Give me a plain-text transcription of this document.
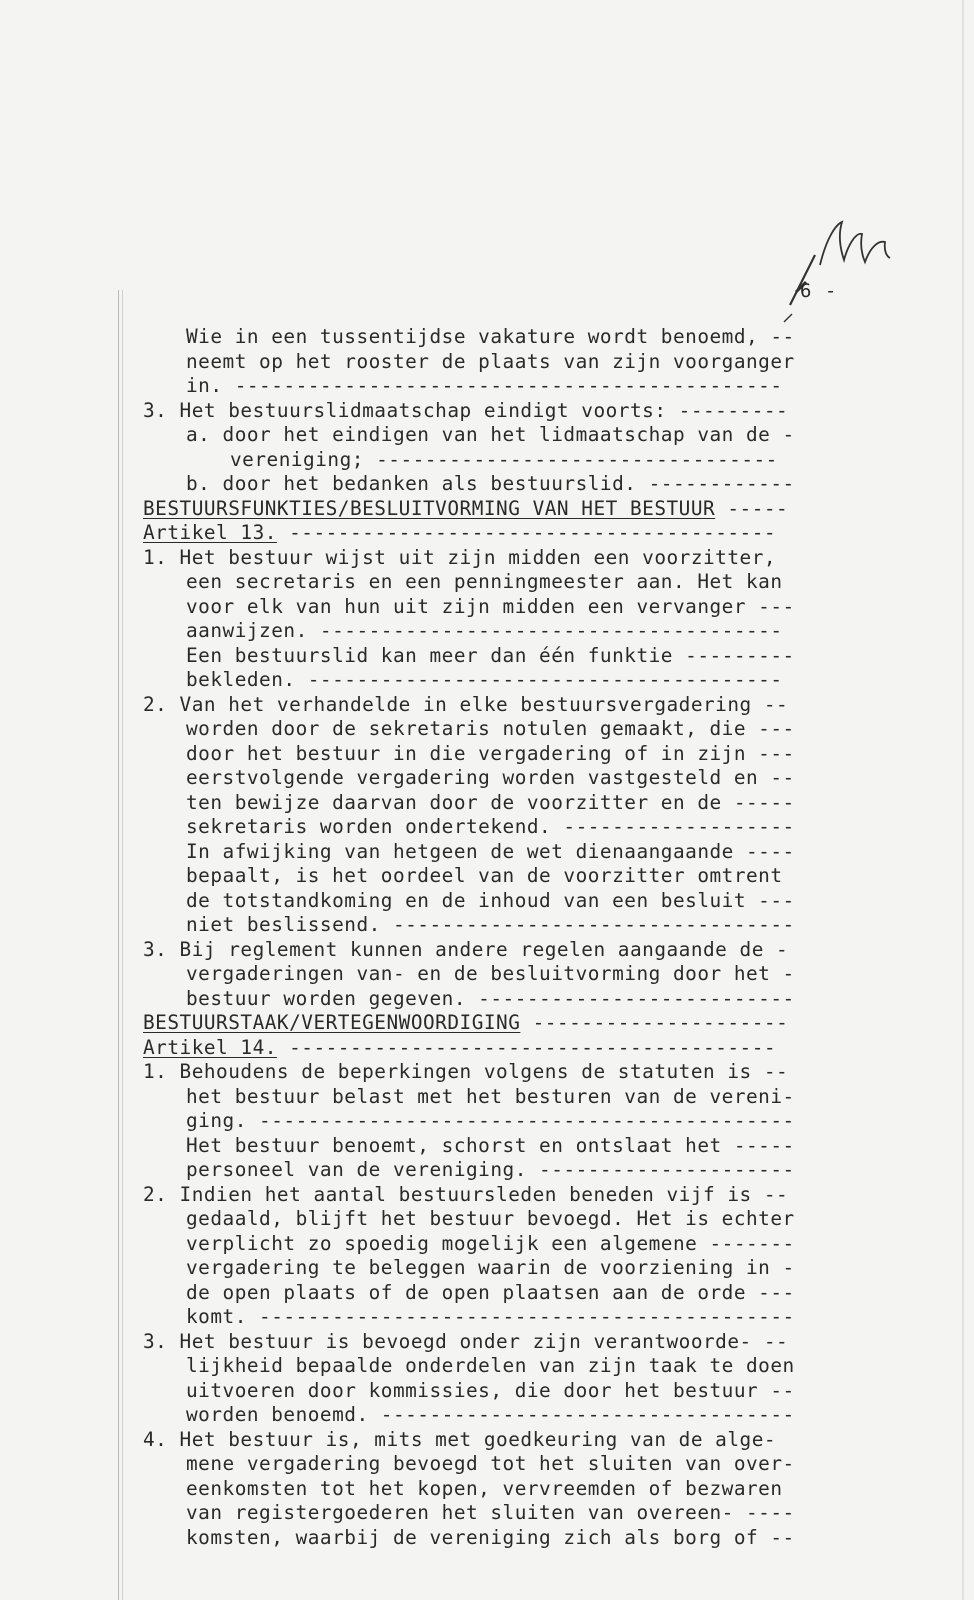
6 -
Wie in een tussentijdse vakature wordt benoemd, --
neemt op het rooster de plaats van zijn voorganger
in. ---------------------------------------------
3. Het bestuurslidmaatschap eindigt voorts: ---------
a. door het eindigen van het lidmaatschap van de -
vereniging; ---------------------------------
b. door het bedanken als bestuurslid. ------------
BESTUURSFUNKTIES/BESLUITVORMING VAN HET BESTUUR -----
Artikel 13. ----------------------------------------
1. Het bestuur wijst uit zijn midden een voorzitter,
een secretaris en een penningmeester aan. Het kan
voor elk van hun uit zijn midden een vervanger ---
aanwijzen. --------------------------------------
Een bestuurslid kan meer dan één funktie ---------
bekleden. ---------------------------------------
2. Van het verhandelde in elke bestuursvergadering --
worden door de sekretaris notulen gemaakt, die ---
door het bestuur in die vergadering of in zijn ---
eerstvolgende vergadering worden vastgesteld en --
ten bewijze daarvan door de voorzitter en de -----
sekretaris worden ondertekend. -------------------
In afwijking van hetgeen de wet dienaangaande ----
bepaalt, is het oordeel van de voorzitter omtrent
de totstandkoming en de inhoud van een besluit ---
niet beslissend. ---------------------------------
3. Bij reglement kunnen andere regelen aangaande de -
vergaderingen van- en de besluitvorming door het -
bestuur worden gegeven. --------------------------
BESTUURSTAAK/VERTEGENWOORDIGING ---------------------
Artikel 14. ----------------------------------------
1. Behoudens de beperkingen volgens de statuten is --
het bestuur belast met het besturen van de vereni-
ging. --------------------------------------------
Het bestuur benoemt, schorst en ontslaat het -----
personeel van de vereniging. ---------------------
2. Indien het aantal bestuursleden beneden vijf is --
gedaald, blijft het bestuur bevoegd. Het is echter
verplicht zo spoedig mogelijk een algemene -------
vergadering te beleggen waarin de voorziening in -
de open plaats of de open plaatsen aan de orde ---
komt. --------------------------------------------
3. Het bestuur is bevoegd onder zijn verantwoorde- --
lijkheid bepaalde onderdelen van zijn taak te doen
uitvoeren door kommissies, die door het bestuur --
worden benoemd. ----------------------------------
4. Het bestuur is, mits met goedkeuring van de alge-
mene vergadering bevoegd tot het sluiten van over-
eenkomsten tot het kopen, vervreemden of bezwaren
van registergoederen het sluiten van overeen- ----
komsten, waarbij de vereniging zich als borg of --
